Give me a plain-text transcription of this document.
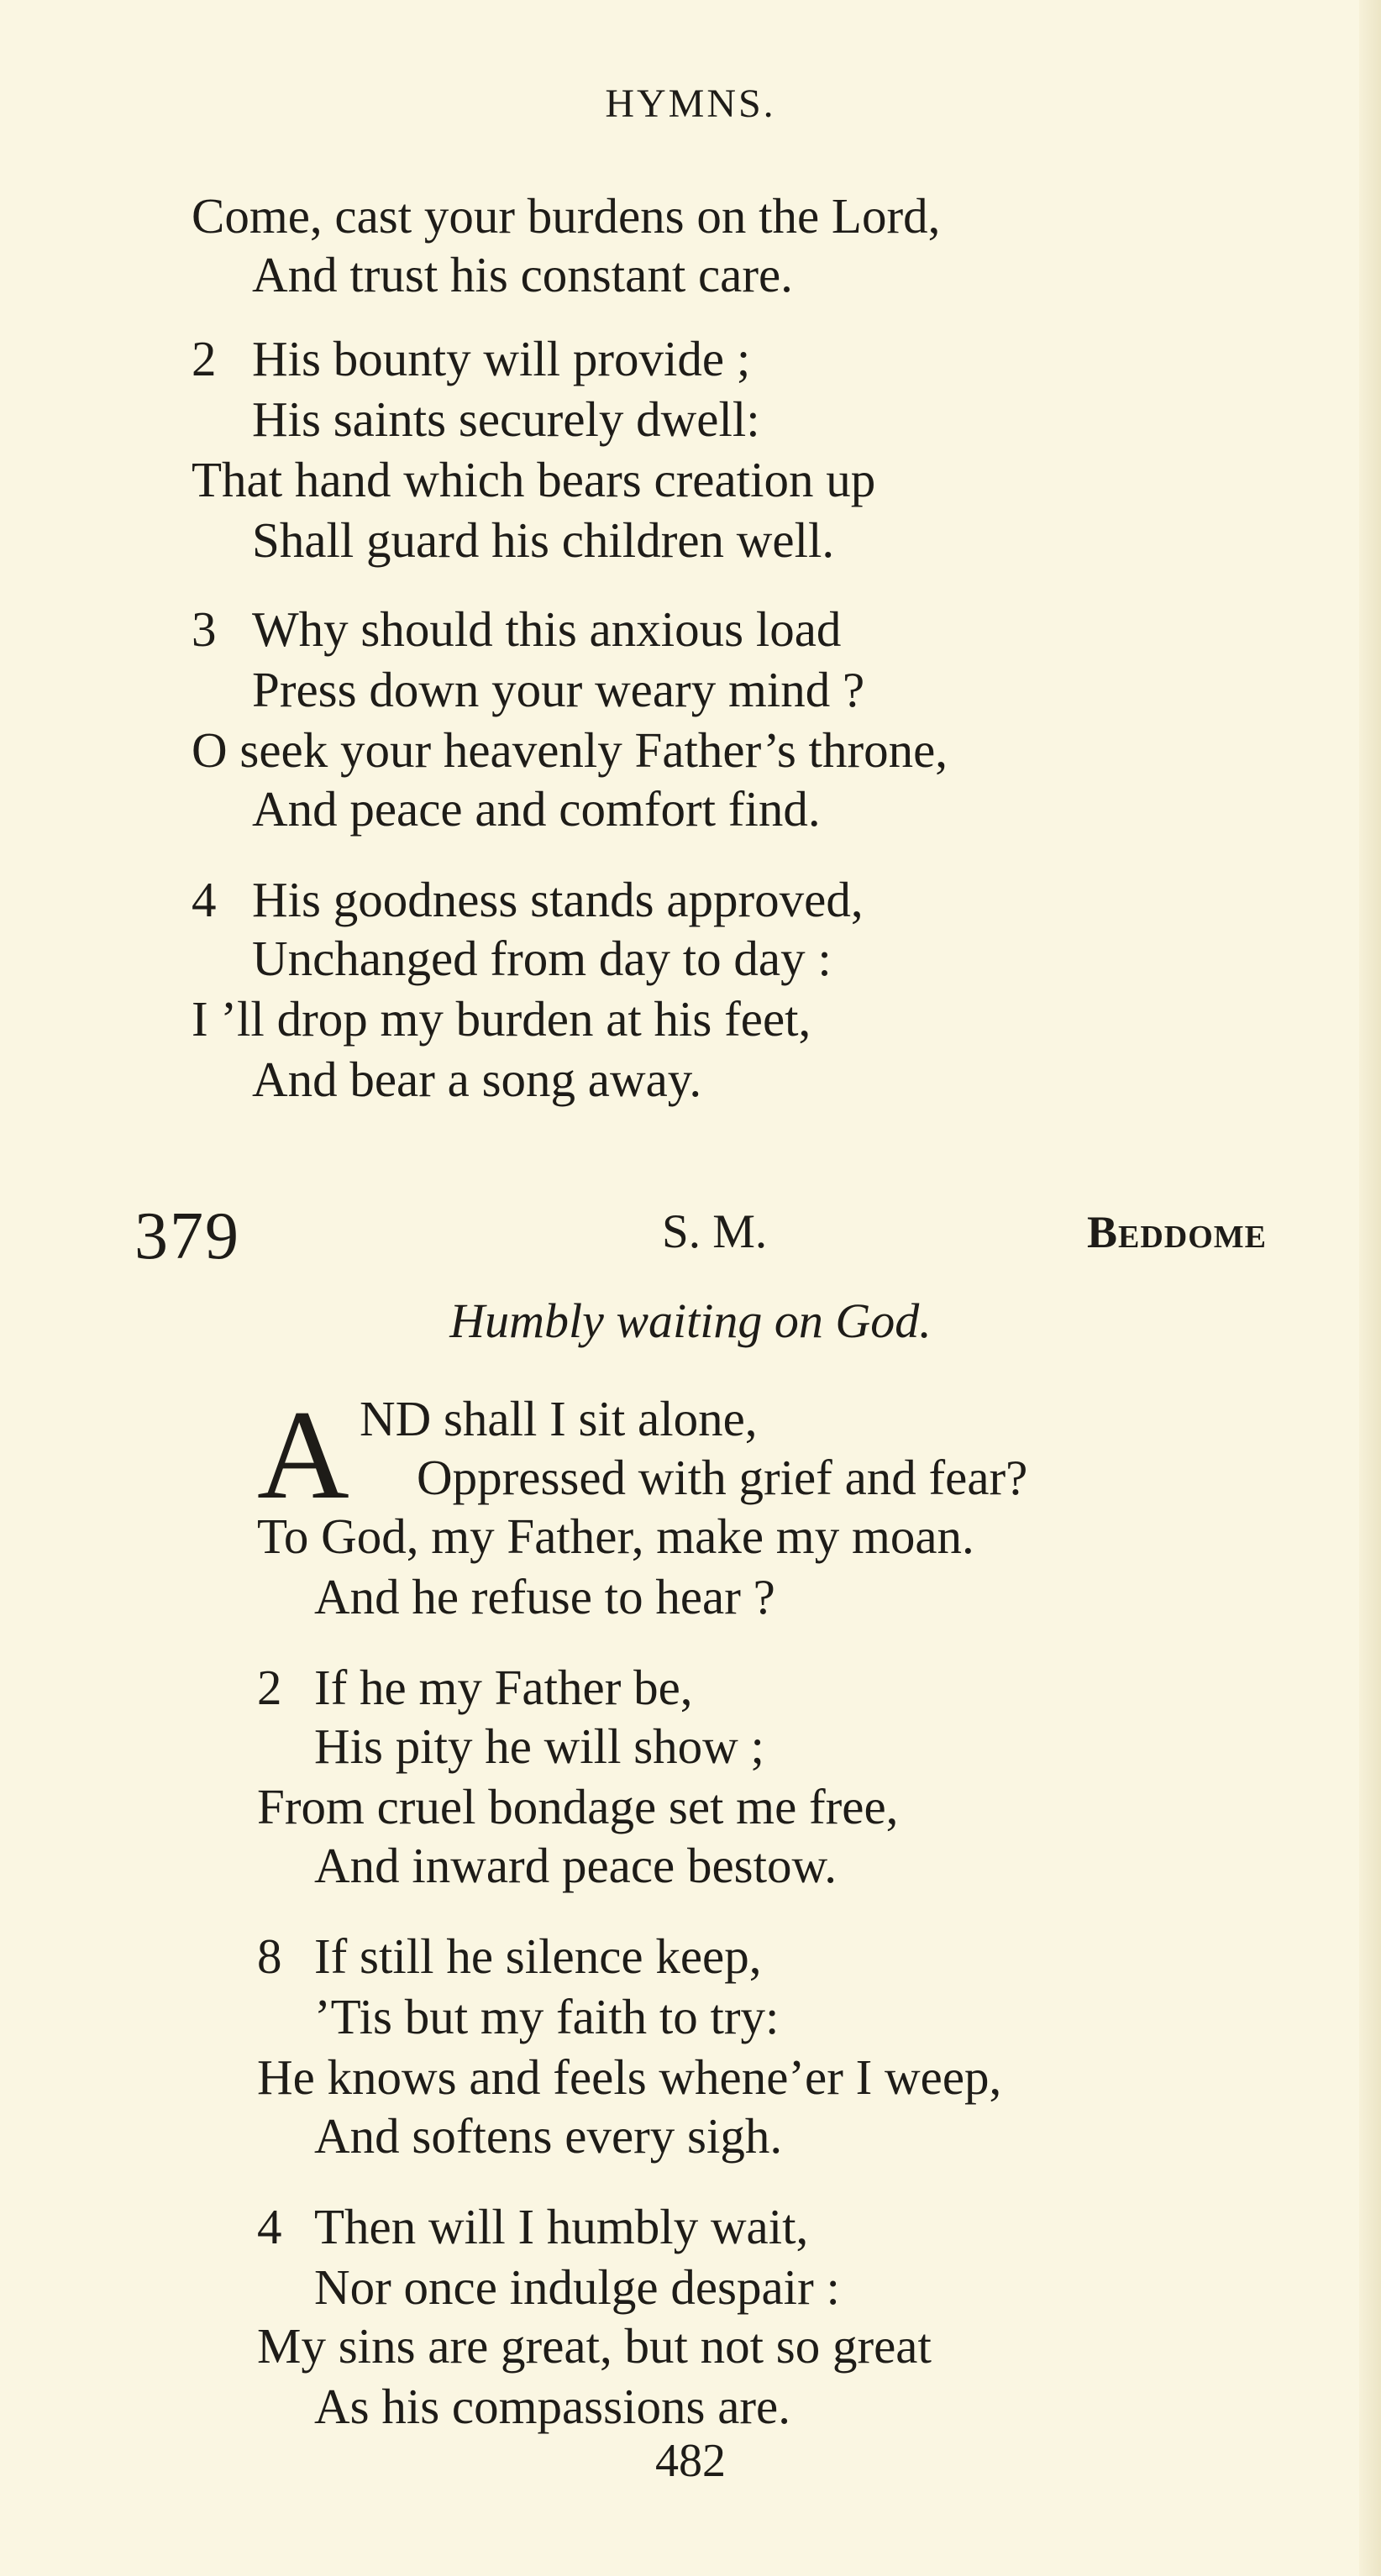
HYMNS.
Come, cast your burdens on the Lord,
And trust his constant care.
2 His bounty will provide ;
His saints securely dwell:
That hand which bears creation up
Shall guard his children well.
3 Why should this anxious load
Press down your weary mind ?
O seek your heavenly Father’s throne,
And peace and comfort find.
4 His goodness stands approved,
Unchanged from day to day :
I ’ll drop my burden at his feet,
And bear a song away.
379	S. M.	Beddome
Humbly waiting on God.
A ND shall I sit alone,
Oppressed with grief and fear?
To God, my Father, make my moan.
And he refuse to hear ?
2 If he my Father be,
His pity he will show ;
From cruel bondage set me free,
And inward peace bestow.
8 If still he silence keep,
’Tis but my faith to try:
He knows and feels whene’er I weep,
And softens every sigh.
4 Then will I humbly wait,
Nor once indulge despair :
My sins are great, but not so great
As his compassions are.
482
